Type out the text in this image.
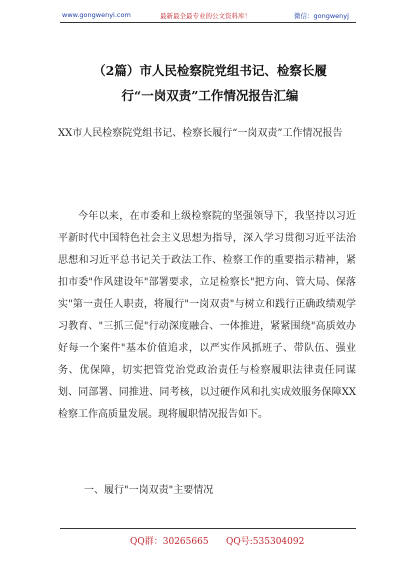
www.gongwenyi.com	最新最全最专业的公文资料库！	微信：gongwenyj
（2篇）市人民检察院党组书记、检察长履行“一岗双责”工作情况报告汇编
XX市人民检察院党组书记、检察长履行“一岗双责”工作情况报告
今年以来，在市委和上级检察院的坚强领导下，我坚持以习近平新时代中国特色社会主义思想为指导，深入学习贯彻习近平法治思想和习近平总书记关于政法工作、检察工作的重要指示精神，紧扣市委"作风建设年"部署要求，立足检察长"把方向、管大局、保落实"第一责任人职责，将履行"一岗双责"与树立和践行正确政绩观学习教育、"三抓三促"行动深度融合、一体推进，紧紧围绕"高质效办好每一个案件"基本价值追求，以严实作风抓班子、带队伍、强业务、优保障，切实把管党治党政治责任与检察履职法律责任同谋划、同部署、同推进、同考核，以过硬作风和扎实成效服务保障XX检察工作高质量发展。现将履职情况报告如下。
一、履行"一岗双责"主要情况
QQ群：30265665 QQ号:535304092
